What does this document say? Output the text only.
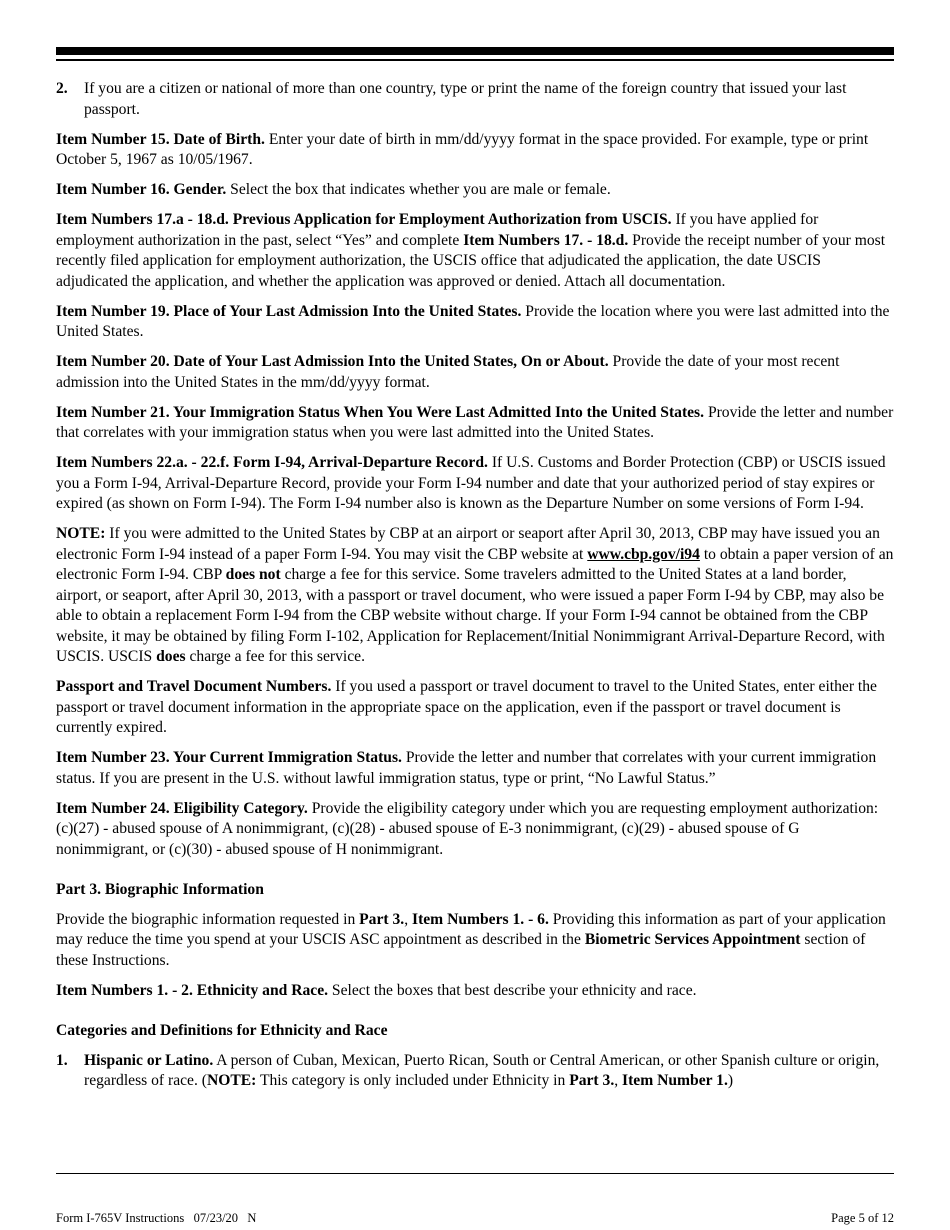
2. If you are a citizen or national of more than one country, type or print the name of the foreign country that issued your last passport.

Item Number 15. Date of Birth. Enter your date of birth in mm/dd/yyyy format in the space provided. For example, type or print October 5, 1967 as 10/05/1967.

Item Number 16. Gender. Select the box that indicates whether you are male or female.

Item Numbers 17.a - 18.d. Previous Application for Employment Authorization from USCIS. If you have applied for employment authorization in the past, select “Yes” and complete Item Numbers 17. - 18.d. Provide the receipt number of your most recently filed application for employment authorization, the USCIS office that adjudicated the application, the date USCIS adjudicated the application, and whether the application was approved or denied. Attach all documentation.

Item Number 19. Place of Your Last Admission Into the United States. Provide the location where you were last admitted into the United States.

Item Number 20. Date of Your Last Admission Into the United States, On or About. Provide the date of your most recent admission into the United States in the mm/dd/yyyy format.

Item Number 21. Your Immigration Status When You Were Last Admitted Into the United States. Provide the letter and number that correlates with your immigration status when you were last admitted into the United States.

Item Numbers 22.a. - 22.f. Form I-94, Arrival-Departure Record. If U.S. Customs and Border Protection (CBP) or USCIS issued you a Form I-94, Arrival-Departure Record, provide your Form I-94 number and date that your authorized period of stay expires or expired (as shown on Form I-94). The Form I-94 number also is known as the Departure Number on some versions of Form I-94.

NOTE: If you were admitted to the United States by CBP at an airport or seaport after April 30, 2013, CBP may have issued you an electronic Form I-94 instead of a paper Form I-94. You may visit the CBP website at www.cbp.gov/i94 to obtain a paper version of an electronic Form I-94. CBP does not charge a fee for this service. Some travelers admitted to the United States at a land border, airport, or seaport, after April 30, 2013, with a passport or travel document, who were issued a paper Form I-94 by CBP, may also be able to obtain a replacement Form I-94 from the CBP website without charge. If your Form I-94 cannot be obtained from the CBP website, it may be obtained by filing Form I-102, Application for Replacement/Initial Nonimmigrant Arrival-Departure Record, with USCIS. USCIS does charge a fee for this service.

Passport and Travel Document Numbers. If you used a passport or travel document to travel to the United States, enter either the passport or travel document information in the appropriate space on the application, even if the passport or travel document is currently expired.

Item Number 23. Your Current Immigration Status. Provide the letter and number that correlates with your current immigration status. If you are present in the U.S. without lawful immigration status, type or print, “No Lawful Status.”

Item Number 24. Eligibility Category. Provide the eligibility category under which you are requesting employment authorization: (c)(27) - abused spouse of A nonimmigrant, (c)(28) - abused spouse of E-3 nonimmigrant, (c)(29) - abused spouse of G nonimmigrant, or (c)(30) - abused spouse of H nonimmigrant.

Part 3. Biographic Information

Provide the biographic information requested in Part 3., Item Numbers 1. - 6. Providing this information as part of your application may reduce the time you spend at your USCIS ASC appointment as described in the Biometric Services Appointment section of these Instructions.

Item Numbers 1. - 2. Ethnicity and Race. Select the boxes that best describe your ethnicity and race.

Categories and Definitions for Ethnicity and Race

1. Hispanic or Latino. A person of Cuban, Mexican, Puerto Rican, South or Central American, or other Spanish culture or origin, regardless of race. (NOTE: This category is only included under Ethnicity in Part 3., Item Number 1.)
Form I-765V Instructions   07/23/20   N	Page 5 of 12
